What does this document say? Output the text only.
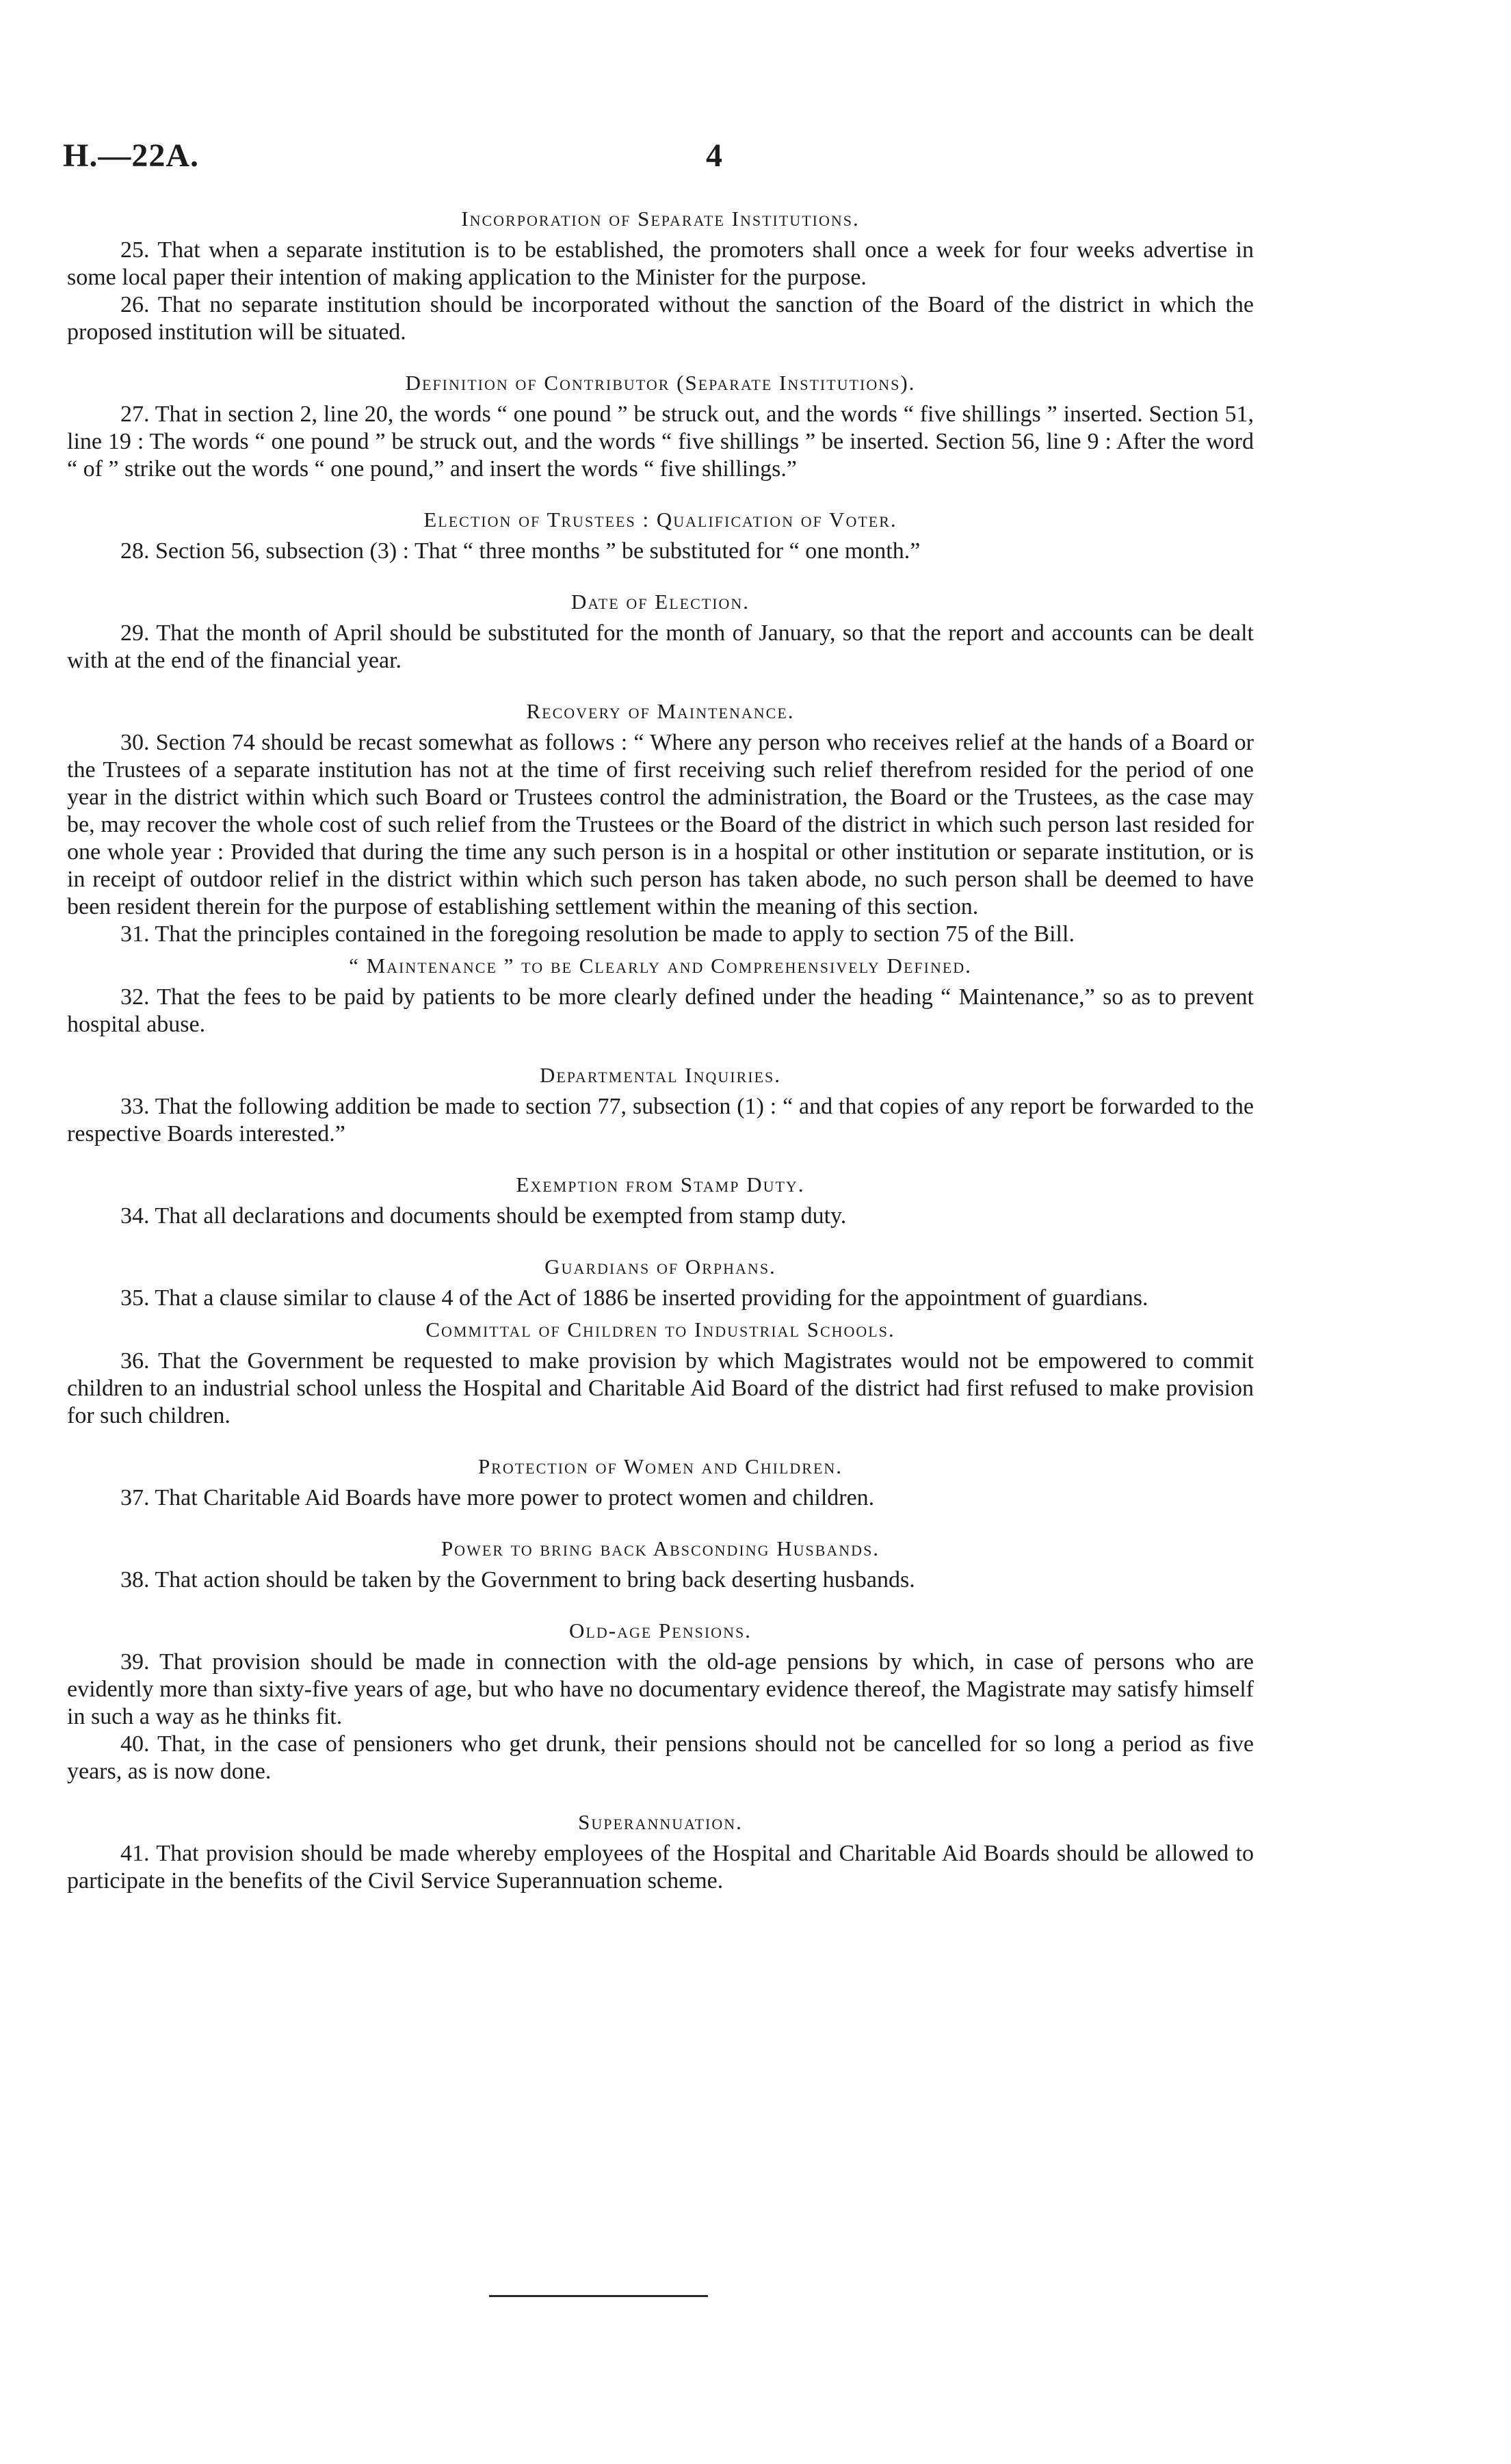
H.—22A.	4
Incorporation of Separate Institutions.

25. That when a separate institution is to be established, the promoters shall once a week for four weeks advertise in some local paper their intention of making application to the Minister for the purpose.

26. That no separate institution should be incorporated without the sanction of the Board of the district in which the proposed institution will be situated.

Definition of Contributor (Separate Institutions).

27. That in section 2, line 20, the words “ one pound ” be struck out, and the words “ five shillings ” inserted. Section 51, line 19 : The words “ one pound ” be struck out, and the words “ five shillings ” be inserted. Section 56, line 9 : After the word “ of ” strike out the words “ one pound,” and insert the words “ five shillings.”

Election of Trustees : Qualification of Voter.

28. Section 56, subsection (3) : That “ three months ” be substituted for “ one month.”

Date of Election.

29. That the month of April should be substituted for the month of January, so that the report and accounts can be dealt with at the end of the financial year.

Recovery of Maintenance.

30. Section 74 should be recast somewhat as follows : “ Where any person who receives relief at the hands of a Board or the Trustees of a separate institution has not at the time of first receiving such relief therefrom resided for the period of one year in the district within which such Board or Trustees control the administration, the Board or the Trustees, as the case may be, may recover the whole cost of such relief from the Trustees or the Board of the district in which such person last resided for one whole year : Provided that during the time any such person is in a hospital or other institution or separate institution, or is in receipt of outdoor relief in the district within which such person has taken abode, no such person shall be deemed to have been resident therein for the purpose of establishing settlement within the meaning of this section.

31. That the principles contained in the foregoing resolution be made to apply to section 75 of the Bill.

“ Maintenance ” to be Clearly and Comprehensively Defined.

32. That the fees to be paid by patients to be more clearly defined under the heading “ Maintenance,” so as to prevent hospital abuse.

Departmental Inquiries.

33. That the following addition be made to section 77, subsection (1) : “ and that copies of any report be forwarded to the respective Boards interested.”

Exemption from Stamp Duty.

34. That all declarations and documents should be exempted from stamp duty.

Guardians of Orphans.

35. That a clause similar to clause 4 of the Act of 1886 be inserted providing for the appointment of guardians.

Committal of Children to Industrial Schools.

36. That the Government be requested to make provision by which Magistrates would not be empowered to commit children to an industrial school unless the Hospital and Charitable Aid Board of the district had first refused to make provision for such children.

Protection of Women and Children.

37. That Charitable Aid Boards have more power to protect women and children.

Power to bring back Absconding Husbands.

38. That action should be taken by the Government to bring back deserting husbands.

Old-age Pensions.

39. That provision should be made in connection with the old-age pensions by which, in case of persons who are evidently more than sixty-five years of age, but who have no documentary evidence thereof, the Magistrate may satisfy himself in such a way as he thinks fit.

40. That, in the case of pensioners who get drunk, their pensions should not be cancelled for so long a period as five years, as is now done.

Superannuation.

41. That provision should be made whereby employees of the Hospital and Charitable Aid Boards should be allowed to participate in the benefits of the Civil Service Superannuation scheme.
